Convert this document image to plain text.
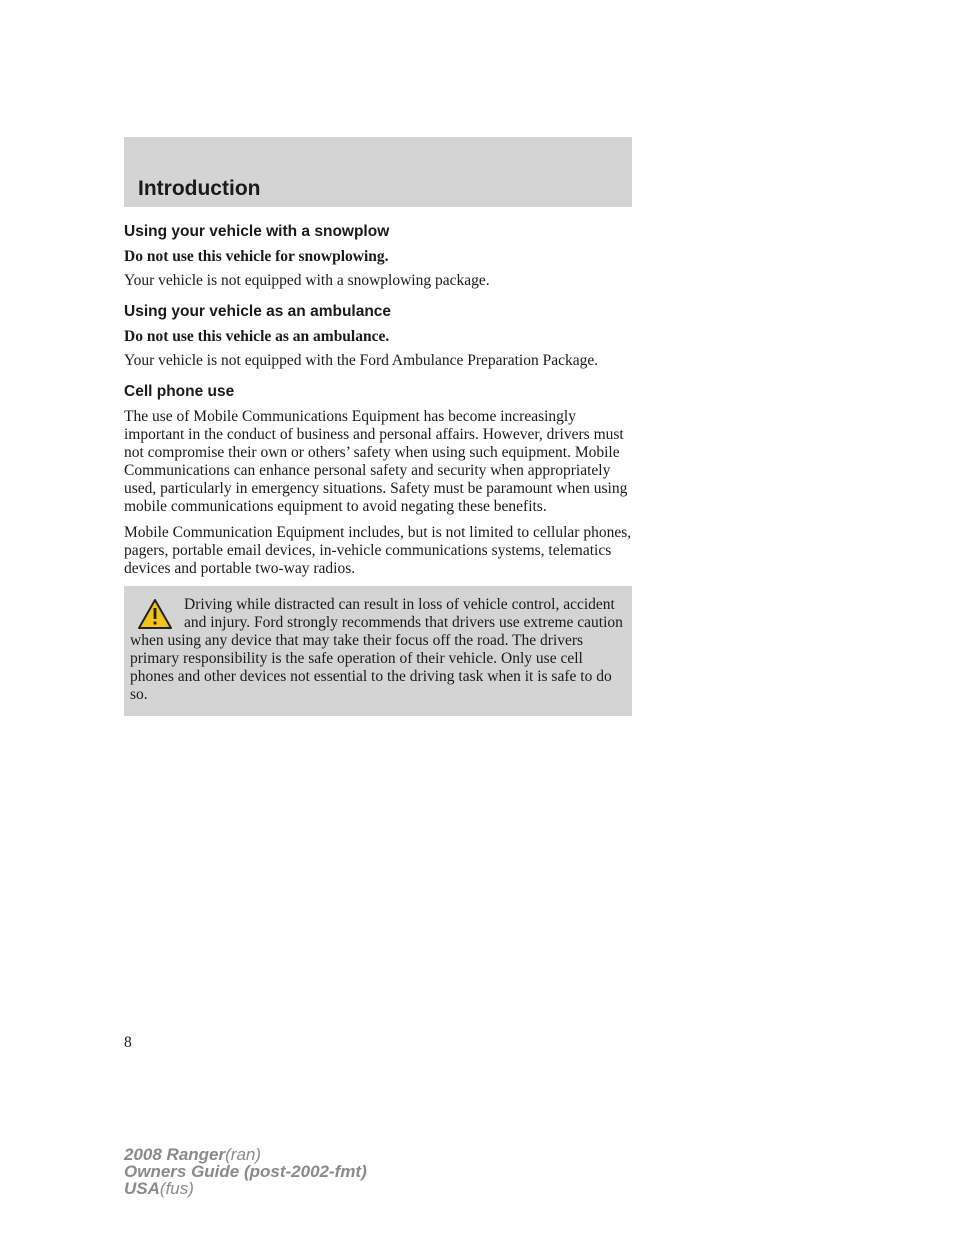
Introduction
Using your vehicle with a snowplow

Do not use this vehicle for snowplowing.

Your vehicle is not equipped with a snowplowing package.

Using your vehicle as an ambulance

Do not use this vehicle as an ambulance.

Your vehicle is not equipped with the Ford Ambulance Preparation Package.

Cell phone use

The use of Mobile Communications Equipment has become increasingly important in the conduct of business and personal affairs. However, drivers must not compromise their own or others’ safety when using such equipment. Mobile Communications can enhance personal safety and security when appropriately used, particularly in emergency situations. Safety must be paramount when using mobile communications equipment to avoid negating these benefits.

Mobile Communication Equipment includes, but is not limited to cellular phones, pagers, portable email devices, in-vehicle communications systems, telematics devices and portable two-way radios.

Driving while distracted can result in loss of vehicle control, accident and injury. Ford strongly recommends that drivers use extreme caution when using any device that may take their focus off the road. The drivers primary responsibility is the safe operation of their vehicle. Only use cell phones and other devices not essential to the driving task when it is safe to do so.

8

2008 Ranger(ran)
Owners Guide (post-2002-fmt)
USA(fus)
